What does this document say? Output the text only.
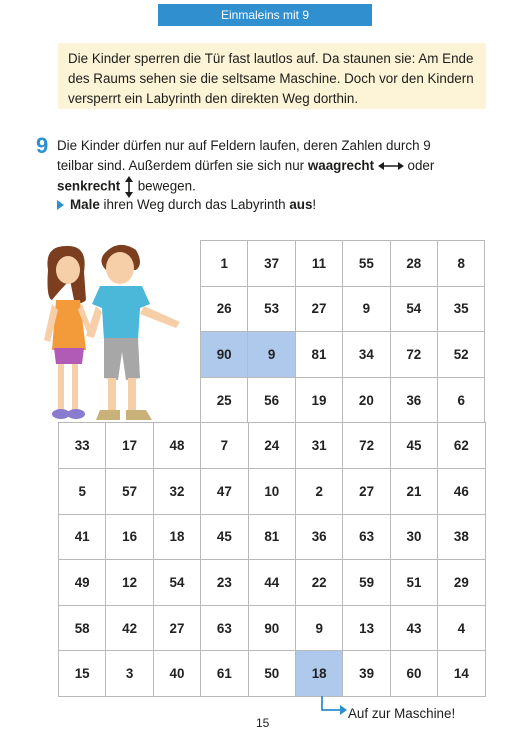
Einmaleins mit 9
Die Kinder sperren die Tür fast lautlos auf. Da staunen sie: Am Ende des Raums sehen sie die seltsame Maschine. Doch vor den Kindern versperrt ein Labyrinth den direkten Weg dorthin.
9 Die Kinder dürfen nur auf Feldern laufen, deren Zahlen durch 9
teilbar sind. Außerdem dürfen sie sich nur waagrecht  oder
senkrecht  bewegen.
Male ihren Weg durch das Labyrinth aus!
1	37	11	55	28	8
26	53	27	9	54	35
90	9	81	34	72	52
25	56	19	20	36	6
33	17	48	7	24	31	72	45	62
5	57	32	47	10	2	27	21	46
41	16	18	45	81	36	63	30	38
49	12	54	23	44	22	59	51	29
58	42	27	63	90	9	13	43	4
15	3	40	61	50	18	39	60	14
Auf zur Maschine!
15
